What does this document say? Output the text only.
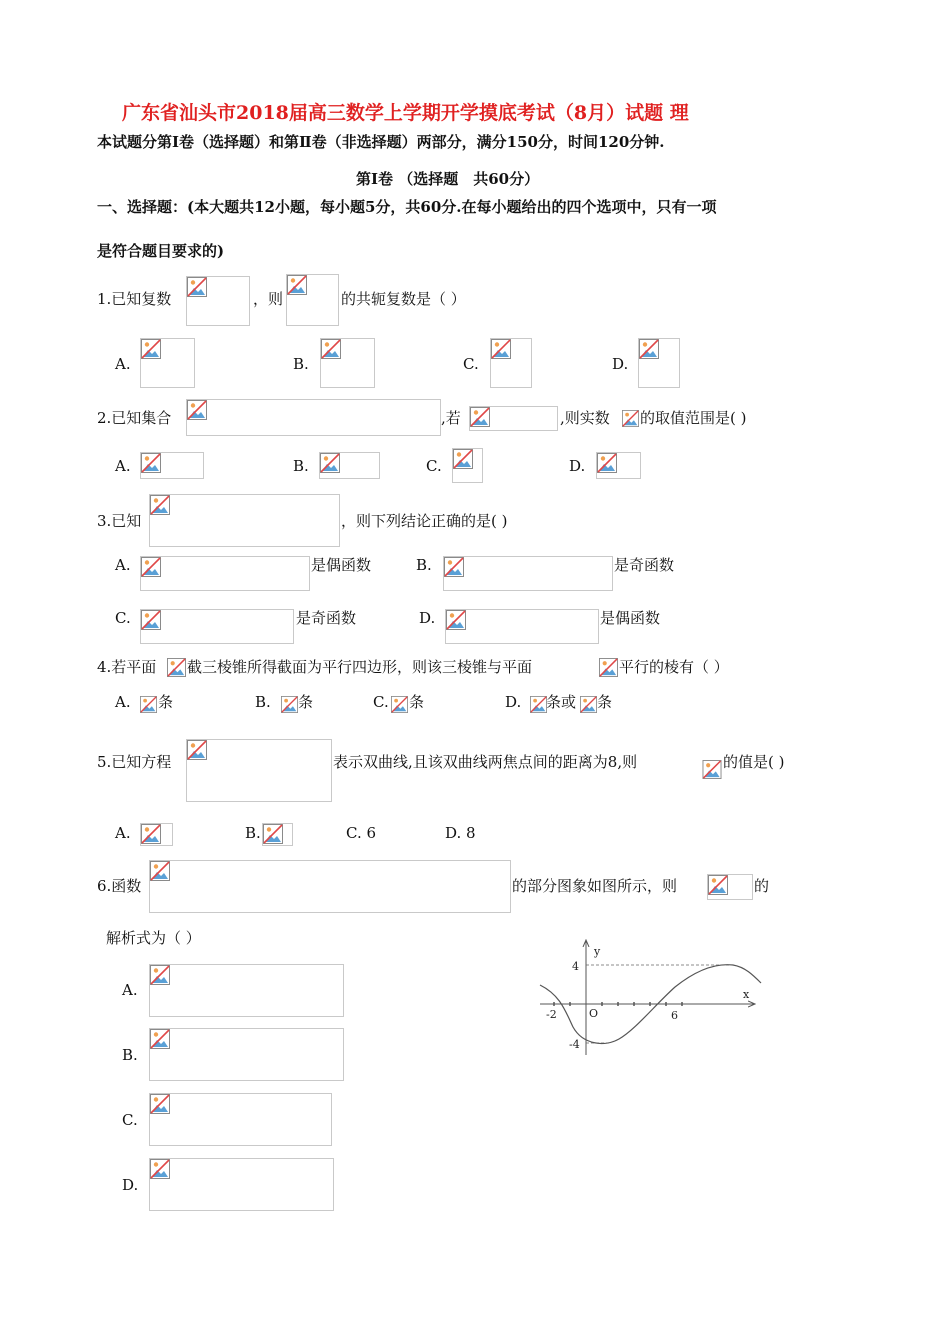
广东省汕头市2018届高三数学上学期开学摸底考试（8月）试题 理
本试题分第Ⅰ卷（选择题）和第Ⅱ卷（非选择题）两部分，满分150分，时间120分钟.
第Ⅰ卷 （选择题　共60分）
一、选择题：(本大题共12小题，每小题5分，共60分.在每小题给出的四个选项中，只有一项
是符合题目要求的)
1.已知复数	，则	的共轭复数是（ ）
A.	B.	C.	D.
2.已知集合	,若	,则实数 的取值范围是( )
A.	B.	C.	D.
3.已知	，则下列结论正确的是( )
A.	是偶函数	B.	是奇函数
C.	是奇函数	D.	是偶函数
4.若平面 截三棱锥所得截面为平行四边形，则该三棱锥与平面	平行的棱有（ ）
A. 条	B. 条	C. 条	D. 条或 条
5.已知方程	表示双曲线,且该双曲线两焦点间的距离为8,则	的值是( )
A.	B.	C. 6	D. 8
6.函数	的部分图象如图所示，则	的
解析式为（ ）
A.
B.
C.
D.
y
x
4
-4
-2	O	6
